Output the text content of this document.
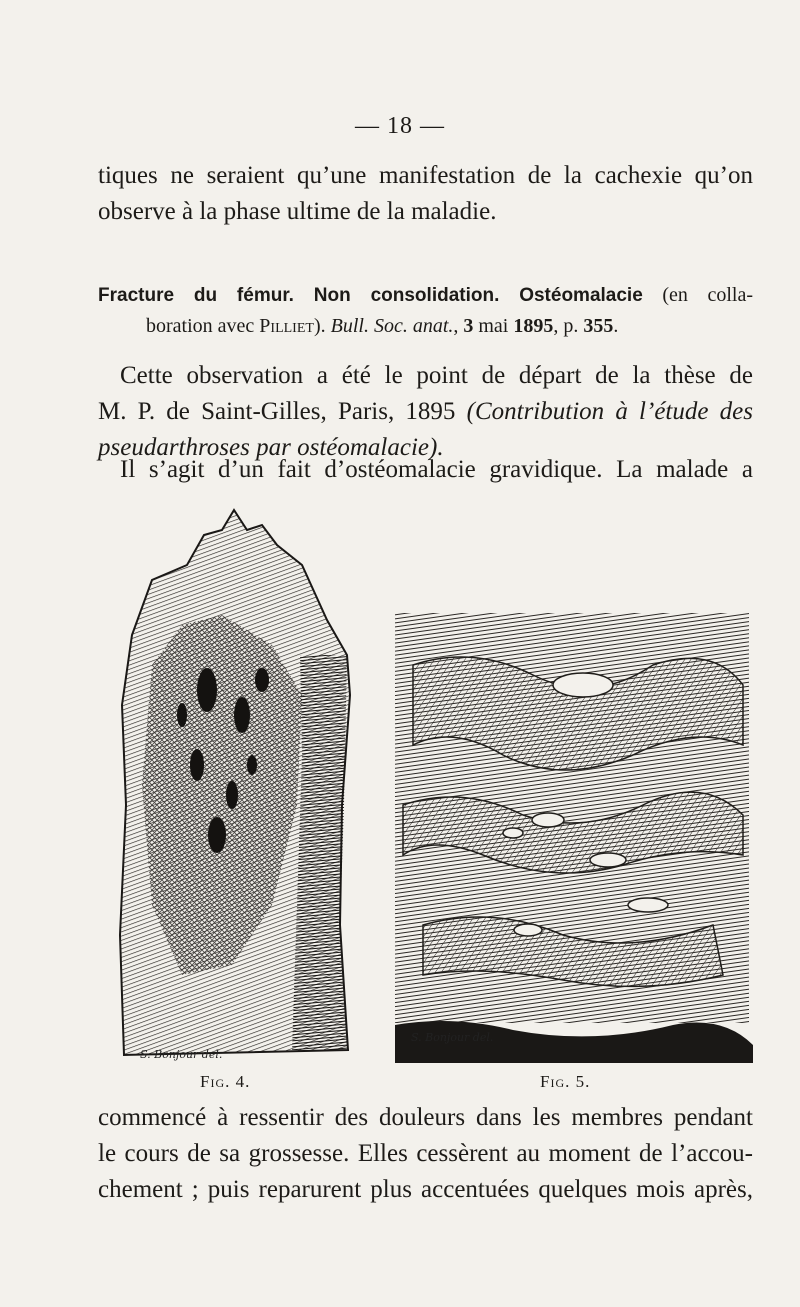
— 18 —
tiques ne seraient qu’une manifestation de la cachexie qu’on
observe à la phase ultime de la maladie.
Fracture du fémur. Non consolidation. Ostéomalacie (en colla-
boration avec Pilliet). Bull. Soc. anat., 3 mai 1895, p. 355.
Cette observation a été le point de départ de la thèse de
M. P. de Saint-Gilles, Paris, 1895 (Contribution à l’étude des
pseudarthroses par ostéomalacie).
Il s’agit d’un fait d’ostéomalacie gravidique. La malade a
S. Bonjour del.
S. Bonjour del.
Fig. 4.	Fig. 5.
commencé à ressentir des douleurs dans les membres pendant
le cours de sa grossesse. Elles cessèrent au moment de l’accou-
chement ; puis reparurent plus accentuées quelques mois après,
